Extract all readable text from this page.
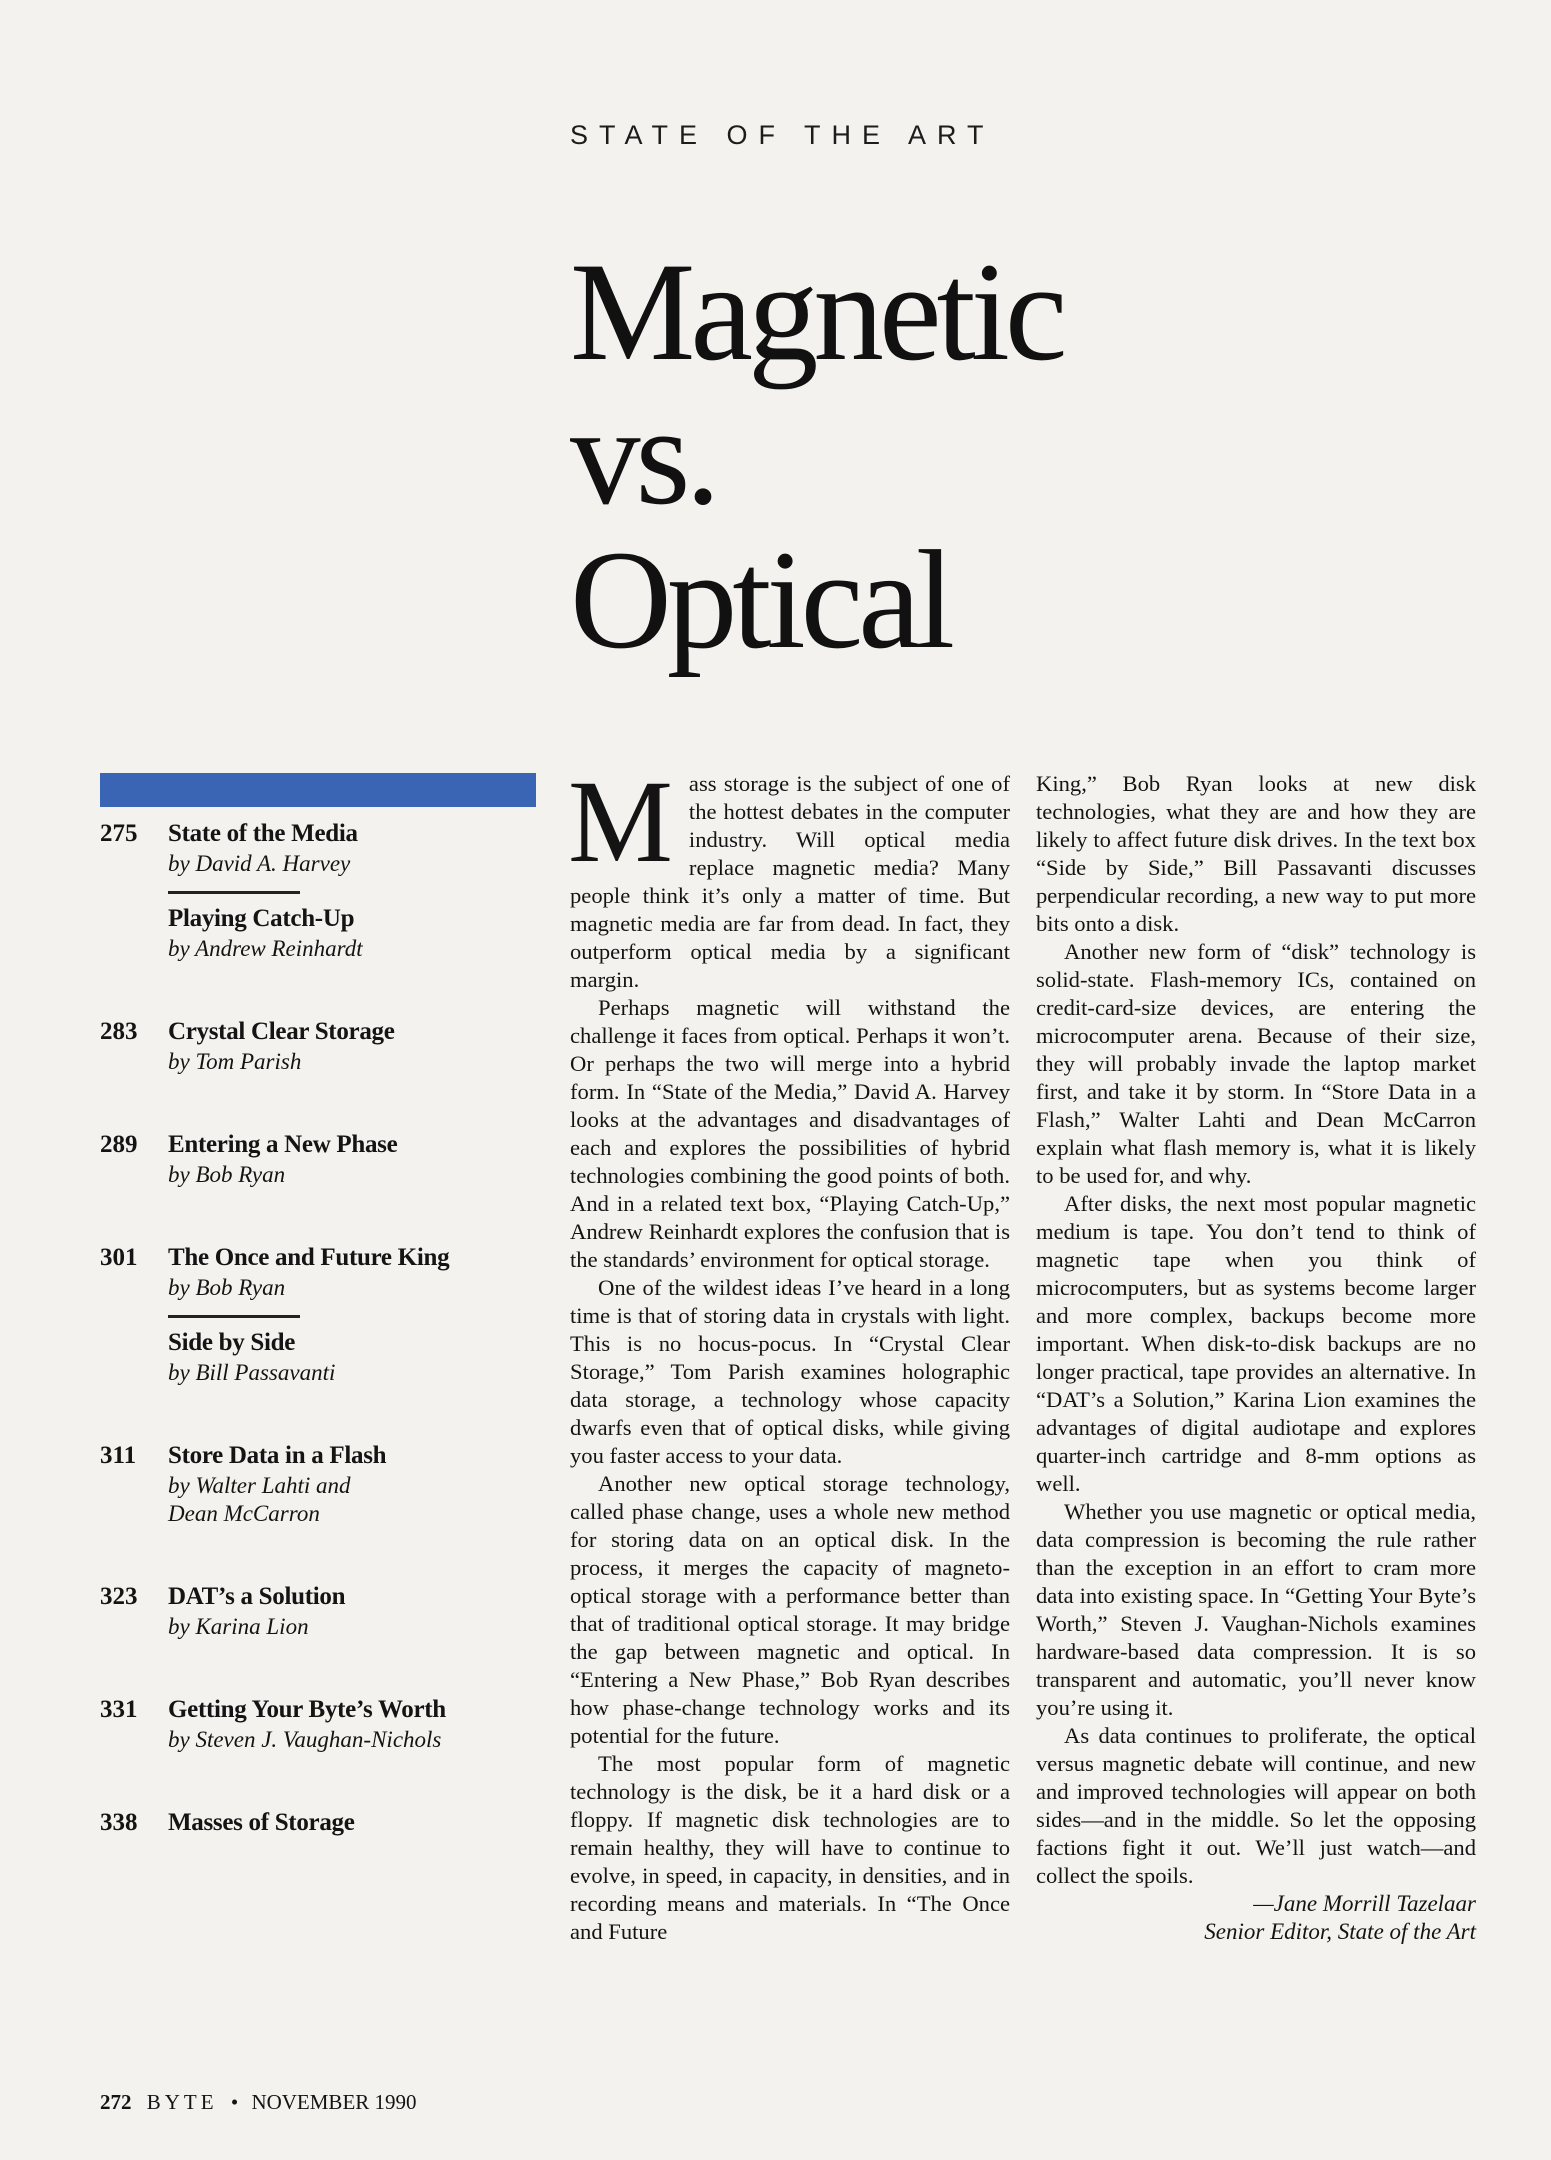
STATE OF THE ART
Magnetic
vs.
Optical
275 State of the Media
by David A. Harvey
Playing Catch-Up
by Andrew Reinhardt
283 Crystal Clear Storage
by Tom Parish
289 Entering a New Phase
by Bob Ryan
301 The Once and Future King
by Bob Ryan
Side by Side
by Bill Passavanti
311 Store Data in a Flash
by Walter Lahti and
Dean McCarron
323 DAT’s a Solution
by Karina Lion
331 Getting Your Byte’s Worth
by Steven J. Vaughan-Nichols
338 Masses of Storage

Mass storage is the subject of one of the hottest debates in the computer industry. Will optical media replace magnetic media? Many people think it’s only a matter of time. But magnetic media are far from dead. In fact, they outperform optical media by a significant margin.

Perhaps magnetic will withstand the challenge it faces from optical. Perhaps it won’t. Or perhaps the two will merge into a hybrid form. In “State of the Media,” David A. Harvey looks at the advantages and disadvantages of each and explores the possibilities of hybrid technologies combining the good points of both. And in a related text box, “Playing Catch-Up,” Andrew Reinhardt explores the confusion that is the standards’ environment for optical storage.

One of the wildest ideas I’ve heard in a long time is that of storing data in crystals with light. This is no hocus-pocus. In “Crystal Clear Storage,” Tom Parish examines holographic data storage, a technology whose capacity dwarfs even that of optical disks, while giving you faster access to your data.

Another new optical storage technology, called phase change, uses a whole new method for storing data on an optical disk. In the process, it merges the capacity of magneto-optical storage with a performance better than that of traditional optical storage. It may bridge the gap between magnetic and optical. In “Entering a New Phase,” Bob Ryan describes how phase-change technology works and its potential for the future.

The most popular form of magnetic technology is the disk, be it a hard disk or a floppy. If magnetic disk technologies are to remain healthy, they will have to continue to evolve, in speed, in capacity, in densities, and in recording means and materials. In “The Once and Future

King,” Bob Ryan looks at new disk technologies, what they are and how they are likely to affect future disk drives. In the text box “Side by Side,” Bill Passavanti discusses perpendicular recording, a new way to put more bits onto a disk.

Another new form of “disk” technology is solid-state. Flash-memory ICs, contained on credit-card-size devices, are entering the microcomputer arena. Because of their size, they will probably invade the laptop market first, and take it by storm. In “Store Data in a Flash,” Walter Lahti and Dean McCarron explain what flash memory is, what it is likely to be used for, and why.

After disks, the next most popular magnetic medium is tape. You don’t tend to think of magnetic tape when you think of microcomputers, but as systems become larger and more complex, backups become more important. When disk-to-disk backups are no longer practical, tape provides an alternative. In “DAT’s a Solution,” Karina Lion examines the advantages of digital audiotape and explores quarter-inch cartridge and 8-mm options as well.

Whether you use magnetic or optical media, data compression is becoming the rule rather than the exception in an effort to cram more data into existing space. In “Getting Your Byte’s Worth,” Steven J. Vaughan-Nichols examines hardware-based data compression. It is so transparent and automatic, you’ll never know you’re using it.

As data continues to proliferate, the optical versus magnetic debate will continue, and new and improved technologies will appear on both sides—and in the middle. So let the opposing factions fight it out. We’ll just watch—and collect the spoils.

—Jane Morrill Tazelaar
Senior Editor, State of the Art
272 BYTE • NOVEMBER 1990
